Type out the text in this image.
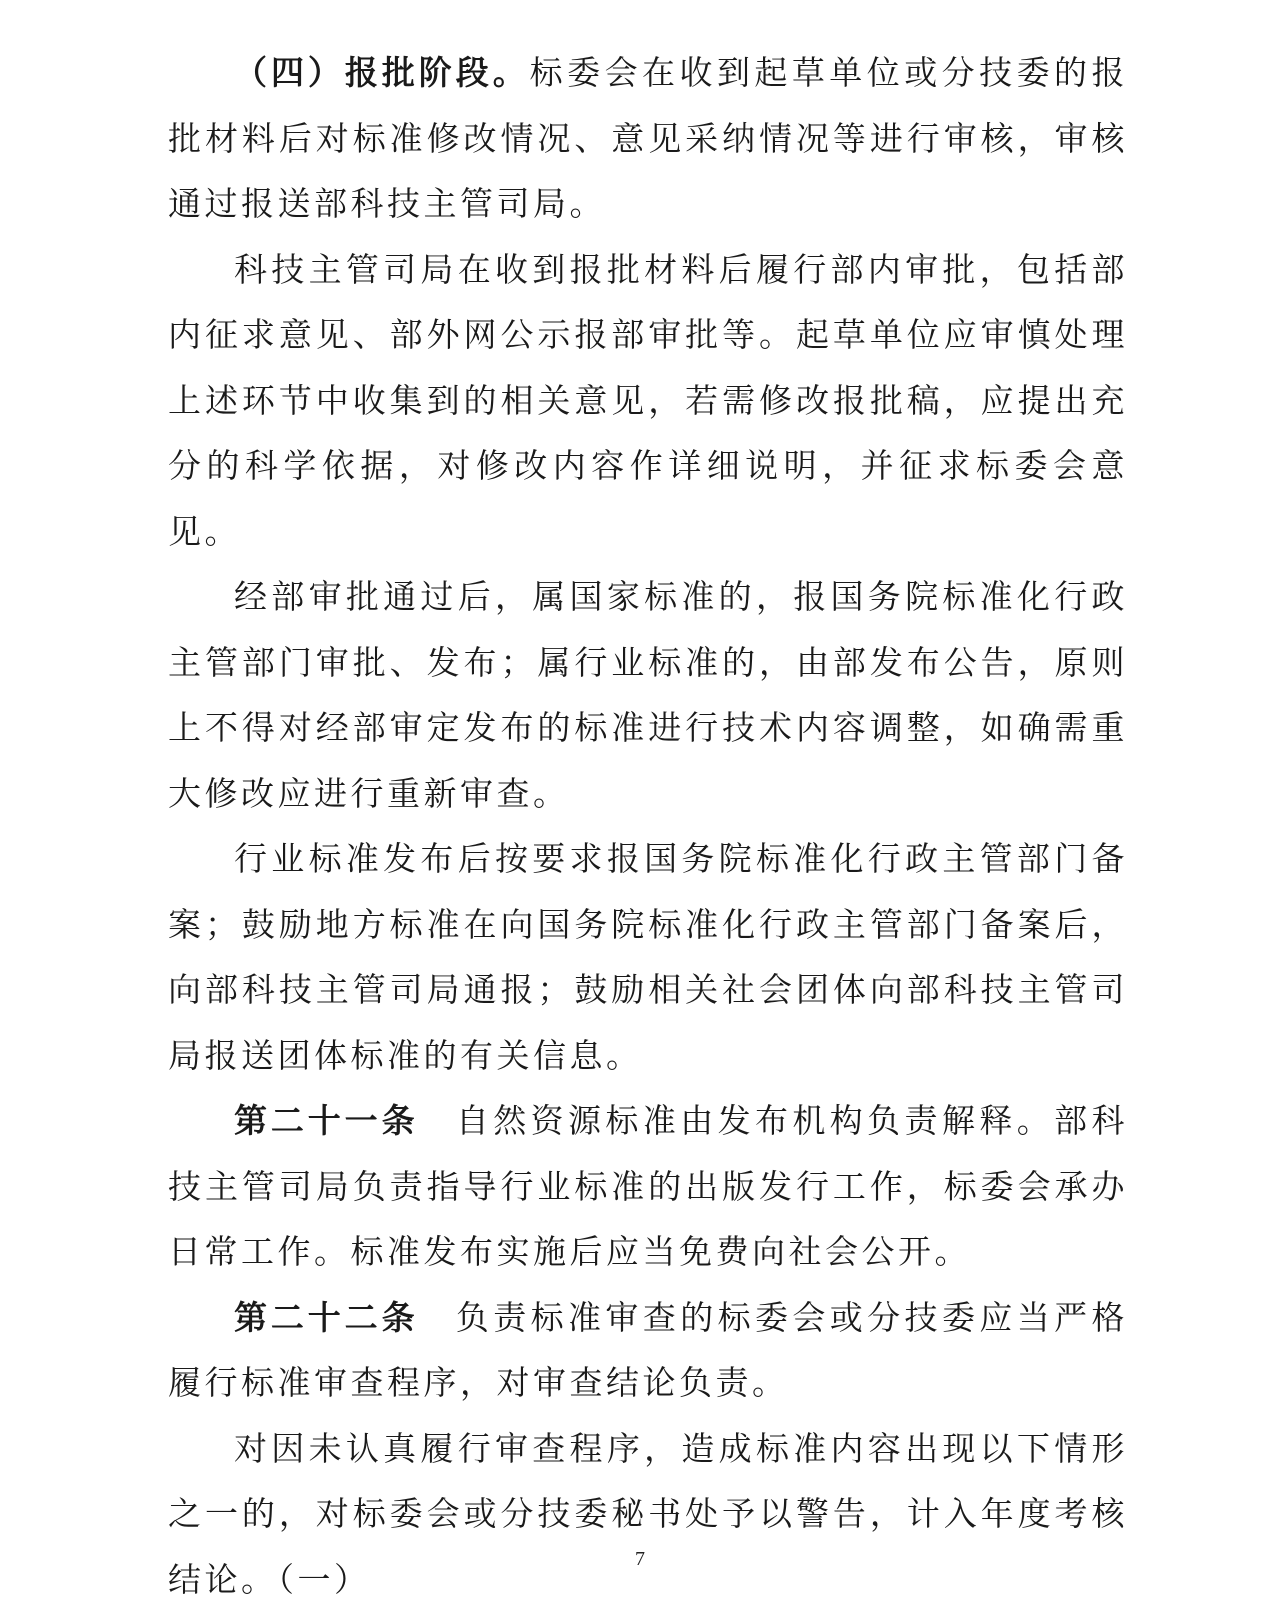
（四）报批阶段。标委会在收到起草单位或分技委的报批材料后对标准修改情况、意见采纳情况等进行审核，审核通过报送部科技主管司局。

科技主管司局在收到报批材料后履行部内审批，包括部内征求意见、部外网公示报部审批等。起草单位应审慎处理上述环节中收集到的相关意见，若需修改报批稿，应提出充分的科学依据，对修改内容作详细说明，并征求标委会意见。

经部审批通过后，属国家标准的，报国务院标准化行政主管部门审批、发布；属行业标准的，由部发布公告，原则上不得对经部审定发布的标准进行技术内容调整，如确需重大修改应进行重新审查。

行业标准发布后按要求报国务院标准化行政主管部门备案；鼓励地方标准在向国务院标准化行政主管部门备案后，向部科技主管司局通报；鼓励相关社会团体向部科技主管司局报送团体标准的有关信息。

第二十一条　自然资源标准由发布机构负责解释。部科技主管司局负责指导行业标准的出版发行工作，标委会承办日常工作。标准发布实施后应当免费向社会公开。

第二十二条　负责标准审查的标委会或分技委应当严格履行标准审查程序，对审查结论负责。

对因未认真履行审查程序，造成标准内容出现以下情形之一的，对标委会或分技委秘书处予以警告，计入年度考核结论。（一）

7
